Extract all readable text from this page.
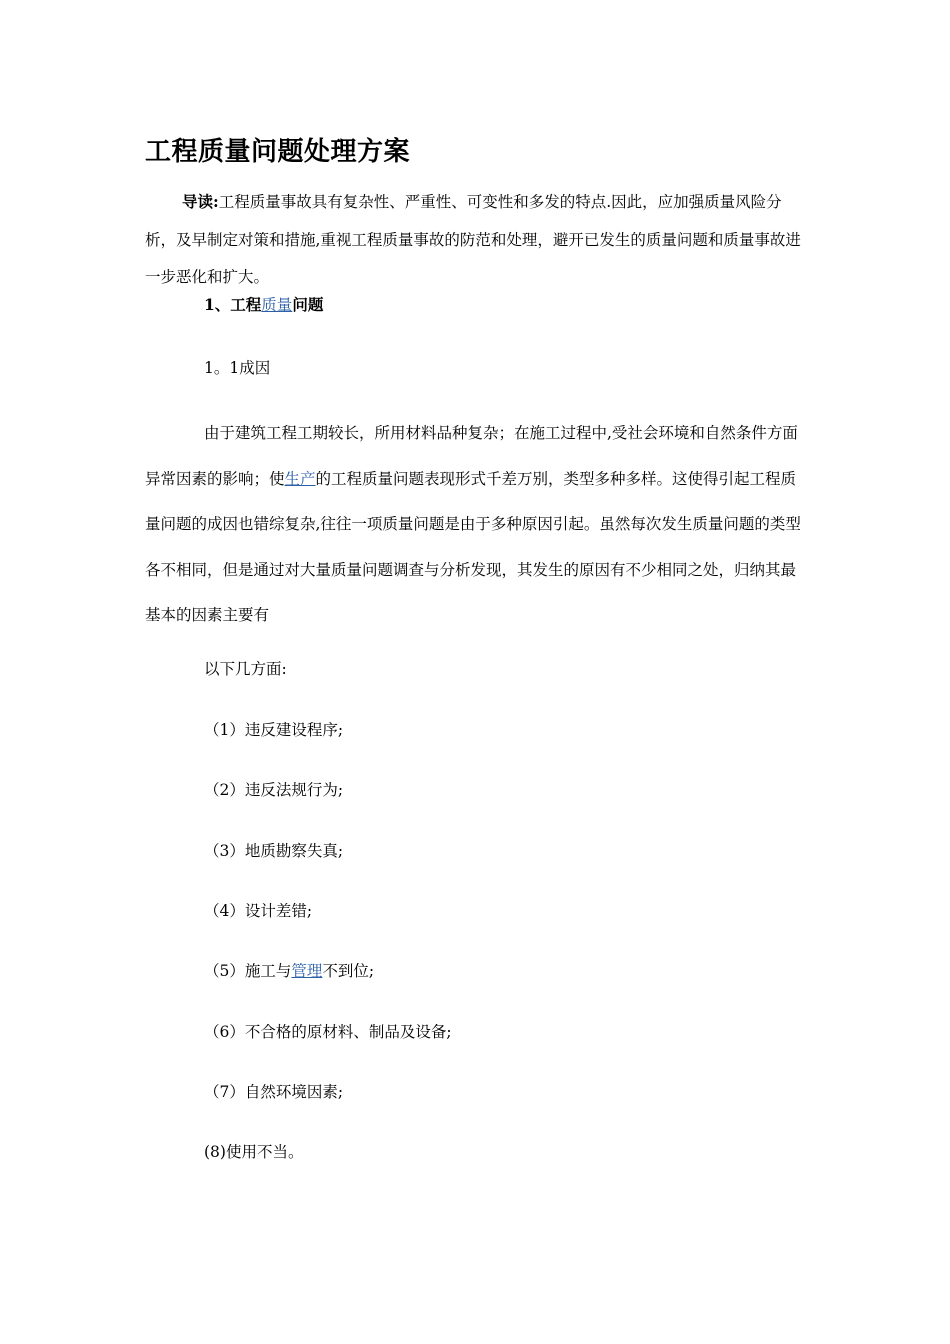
工程质量问题处理方案
导读:工程质量事故具有复杂性、严重性、可变性和多发的特点.因此，应加强质量风险分析，及早制定对策和措施,重视工程质量事故的防范和处理，避开已发生的质量问题和质量事故进一步恶化和扩大。
1、工程质量问题
1。1成因
由于建筑工程工期较长，所用材料品种复杂；在施工过程中,受社会环境和自然条件方面异常因素的影响；使生产的工程质量问题表现形式千差万别，类型多种多样。这使得引起工程质量问题的成因也错综复杂,往往一项质量问题是由于多种原因引起。虽然每次发生质量问题的类型各不相同，但是通过对大量质量问题调查与分析发现，其发生的原因有不少相同之处，归纳其最基本的因素主要有
以下几方面:
（1）违反建设程序;
（2）违反法规行为;
（3）地质勘察失真;
（4）设计差错;
（5）施工与管理不到位;
（6）不合格的原材料、制品及设备;
（7）自然环境因素;
(8)使用不当。
